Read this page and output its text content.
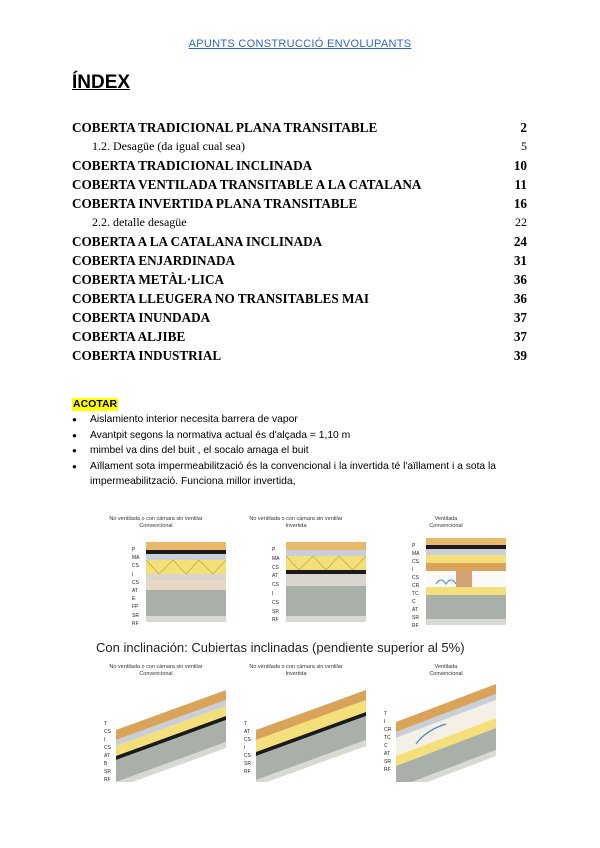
APUNTS CONSTRUCCIÓ ENVOLUPANTS
ÍNDEX
COBERTA TRADICIONAL PLANA TRANSITABLE	2
1.2. Desagüe (da igual cual sea)	5
COBERTA TRADICIONAL INCLINADA	10
COBERTA VENTILADA TRANSITABLE A LA CATALANA	11
COBERTA INVERTIDA PLANA TRANSITABLE	16
2.2. detalle desagüe	22
COBERTA A LA CATALANA INCLINADA	24
COBERTA ENJARDINADA	31
COBERTA METÀL·LICA	36
COBERTA LLEUGERA NO TRANSITABLES MAI	36
COBERTA INUNDADA	37
COBERTA ALJIBE	37
COBERTA INDUSTRIAL	39
ACOTAR
● Aislamiento interior necesita barrera de vapor
● Avantpit segons la normativa actual és d'alçada = 1,10 m
● mimbel va dins del buit , el socalo amaga el buit
● Aïllament sota impermeabilització és la convencional i la invertida té l'aïllament i a sota la impermeabilització. Funciona millor invertida,
No ventilada o con cámara sin ventilar
Convencional
No ventilada o con cámara sin ventilar
Invertida
Ventilada
Convencional
Con inclinación: Cubiertas inclinadas (pendiente superior al 5%)
No ventilada o con cámara sin ventilar
Convencional
No ventilada o con cámara sin ventilar
Invertida
Ventilada
Convencional
P
MA
CS
I
CS
AT
E
FP
SR
RF
P
MA
CS
AT
CS
I
CS
SR
RF
P
MA
CS
I
CS
CR
TC
C
AT
SR
RF
T
CS
I
CS
AT
B
SR
RF
T
AT
CS
I
CS
SR
RF
T
I
CR
TC
C
AT
SR
RF
